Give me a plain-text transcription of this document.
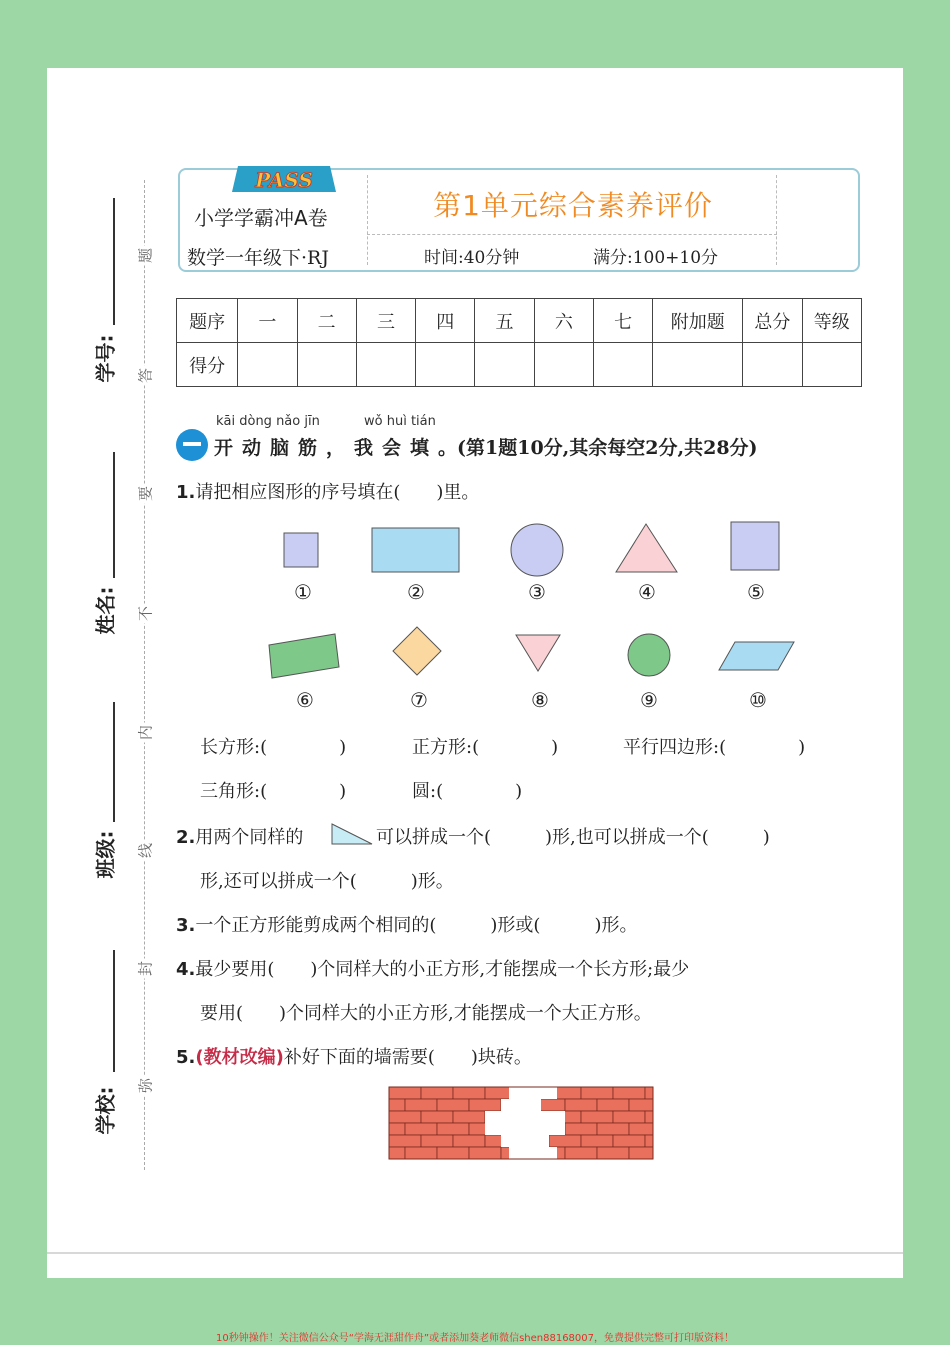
学号:
姓名:
班级:
学校:
题
答
要
不
内
线
封
弥
PASS
小学学霸冲A卷
数学一年级下·RJ
第1单元综合素养评价
时间:40分钟	满分:100+10分
题序	一	二	三	四	五	六	七	附加题	总分	等级
得分										
kāi dòng nǎo jīn	wǒ huì tián
开动脑筋，我会填。(第1题10分,其余每空2分,共28分)
1.请把相应图形的序号填在(　　)里。
①	②	③	④	⑤
⑥	⑦	⑧	⑨	⑩
长方形:(　　　　)	正方形:(　　　　)	平行四边形:(　　　　)
三角形:(　　　　)	圆:(　　　　)
2.用两个同样的	可以拼成一个(　　　)形,也可以拼成一个(　　　)
形,还可以拼成一个(　　　)形。
3.一个正方形能剪成两个相同的(　　　)形或(　　　)形。
4.最少要用(　　)个同样大的小正方形,才能摆成一个长方形;最少
要用(　　)个同样大的小正方形,才能摆成一个大正方形。
5.(教材改编)补好下面的墙需要(　　)块砖。
10秒钟操作！关注微信公众号“学海无涯甜作舟”或者添加葵老师微信shen88168007，免费提供完整可打印版资料！
